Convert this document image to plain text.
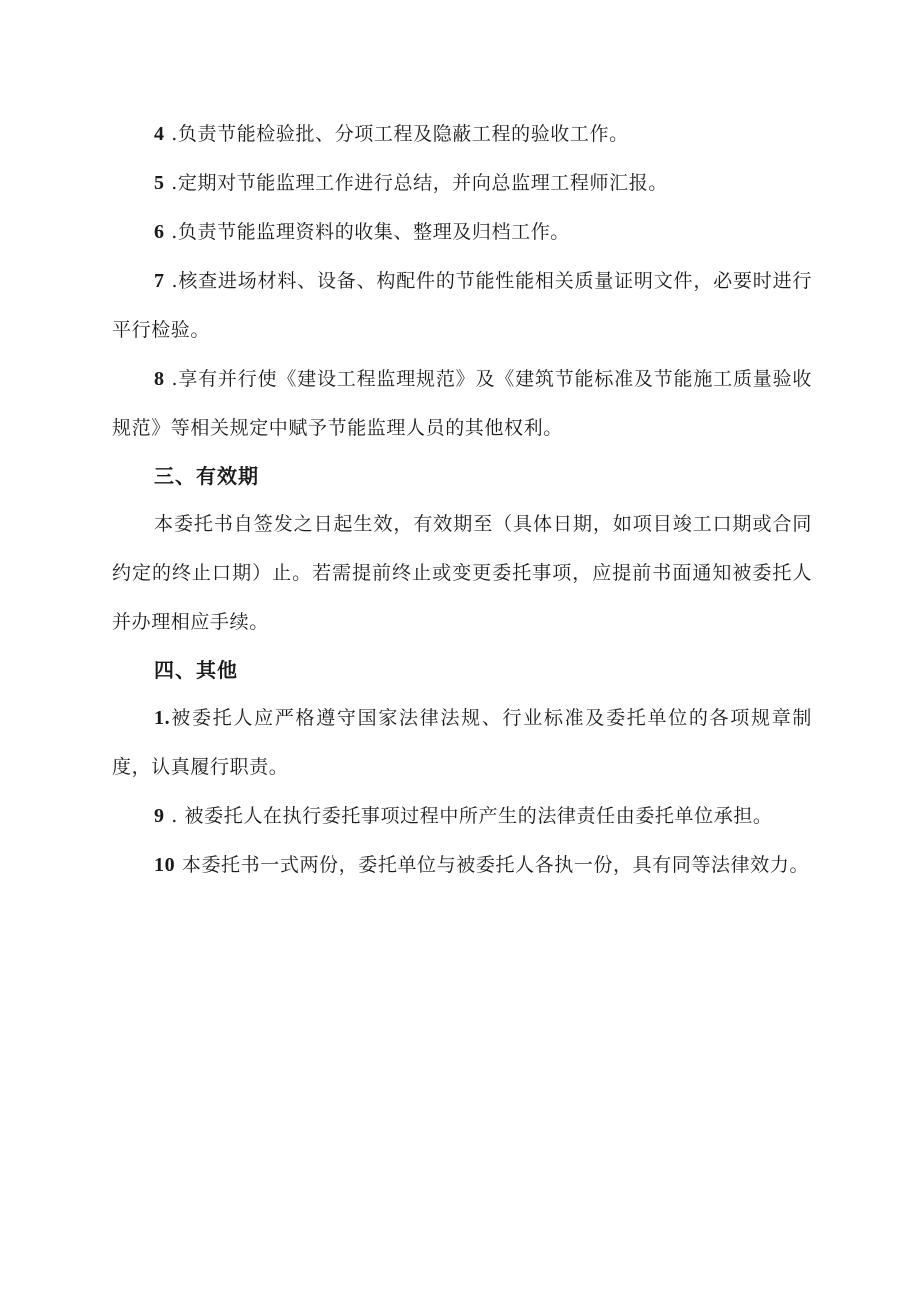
4 .负责节能检验批、分项工程及隐蔽工程的验收工作。

5 .定期对节能监理工作进行总结，并向总监理工程师汇报。

6 .负责节能监理资料的收集、整理及归档工作。

7 .核查进场材料、设备、构配件的节能性能相关质量证明文件，必要时进行平行检验。

8 .享有并行使《建设工程监理规范》及《建筑节能标准及节能施工质量验收规范》等相关规定中赋予节能监理人员的其他权利。

三、有效期

本委托书自签发之日起生效，有效期至（具体日期，如项目竣工口期或合同约定的终止口期）止。若需提前终止或变更委托事项，应提前书面通知被委托人并办理相应手续。

四、其他

1.被委托人应严格遵守国家法律法规、行业标准及委托单位的各项规章制度，认真履行职责。

9 . 被委托人在执行委托事项过程中所产生的法律责任由委托单位承担。

10 本委托书一式两份，委托单位与被委托人各执一份，具有同等法律效力。
